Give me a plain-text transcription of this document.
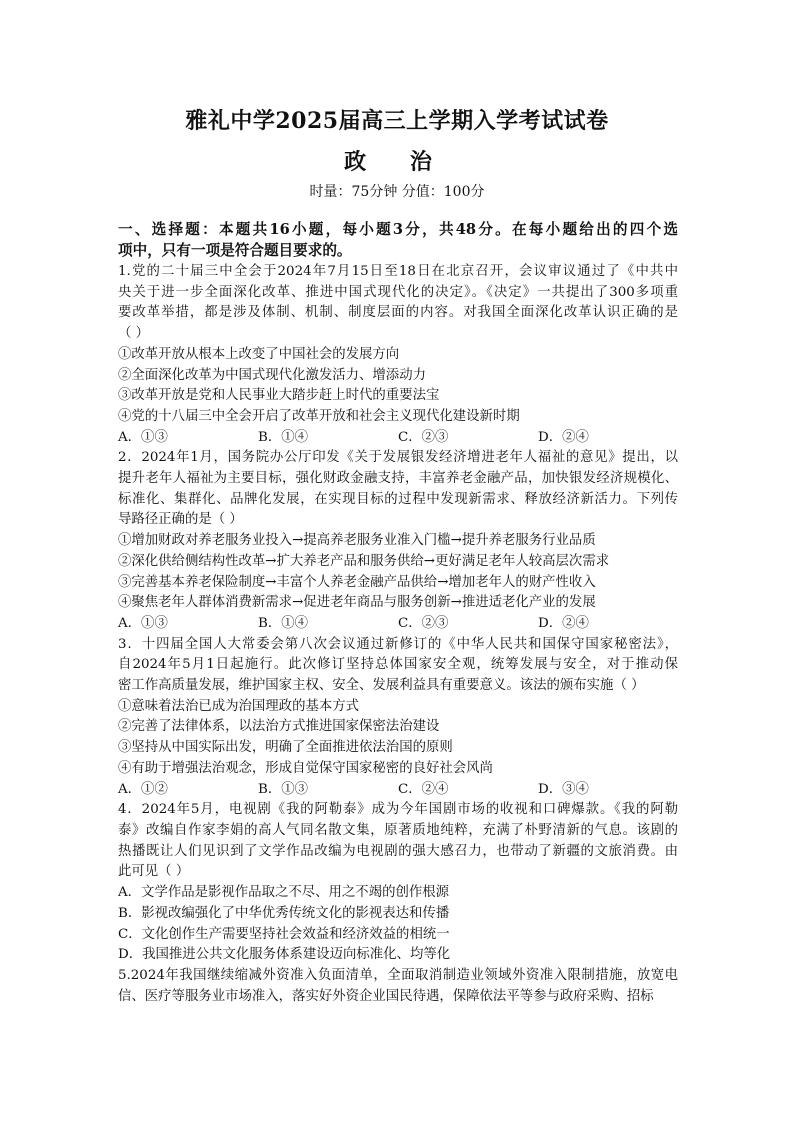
雅礼中学2025届高三上学期入学考试试卷
政 治
时量：75分钟 分值：100分
一、选择题：本题共16小题，每小题3分，共48分。在每小题给出的四个选
项中，只有一项是符合题目要求的。
1.党的二十届三中全会于2024年7月15日至18日在北京召开，会议审议通过了《中共中
央关于进一步全面深化改革、推进中国式现代化的决定》。《决定》一共提出了300多项重
要改革举措，都是涉及体制、机制、制度层面的内容。对我国全面深化改革认识正确的是
（ ）
①改革开放从根本上改变了中国社会的发展方向
②全面深化改革为中国式现代化激发活力、增添动力
③改革开放是党和人民事业大踏步赶上时代的重要法宝
④党的十八届三中全会开启了改革开放和社会主义现代化建设新时期
A．①③	B．①④	C．②③	D．②④
2．2024年1月，国务院办公厅印发《关于发展银发经济增进老年人福祉的意见》提出，以
提升老年人福祉为主要目标，强化财政金融支持，丰富养老金融产品，加快银发经济规模化、
标准化、集群化、品牌化发展，在实现目标的过程中发现新需求、释放经济新活力。下列传
导路径正确的是（ ）
①增加财政对养老服务业投入→提高养老服务业准入门槛→提升养老服务行业品质
②深化供给侧结构性改革→扩大养老产品和服务供给→更好满足老年人较高层次需求
③完善基本养老保险制度→丰富个人养老金融产品供给→增加老年人的财产性收入
④聚焦老年人群体消费新需求→促进老年商品与服务创新→推进适老化产业的发展
A．①③	B．①④	C．②③	D．②④
3．十四届全国人大常委会第八次会议通过新修订的《中华人民共和国保守国家秘密法》，
自2024年5月1日起施行。此次修订坚持总体国家安全观，统筹发展与安全，对于推动保
密工作高质量发展，维护国家主权、安全、发展利益具有重要意义。该法的颁布实施（ ）
①意味着法治已成为治国理政的基本方式
②完善了法律体系，以法治方式推进国家保密法治建设
③坚持从中国实际出发，明确了全面推进依法治国的原则
④有助于增强法治观念，形成自觉保守国家秘密的良好社会风尚
A．①②	B．①③	C．②④	D．③④
4．2024年5月，电视剧《我的阿勒泰》成为今年国剧市场的收视和口碑爆款。《我的阿勒
泰》改编自作家李娟的高人气同名散文集，原著质地纯粹，充满了朴野清新的气息。该剧的
热播既让人们见识到了文学作品改编为电视剧的强大感召力，也带动了新疆的文旅消费。由
此可见（ ）
A．文学作品是影视作品取之不尽、用之不竭的创作根源
B．影视改编强化了中华优秀传统文化的影视表达和传播
C．文化创作生产需要坚持社会效益和经济效益的相统一
D．我国推进公共文化服务体系建设迈向标准化、均等化
5.2024年我国继续缩减外资准入负面清单，全面取消制造业领域外资准入限制措施，放宽电
信、医疗等服务业市场准入，落实好外资企业国民待遇，保障依法平等参与政府采购、招标
